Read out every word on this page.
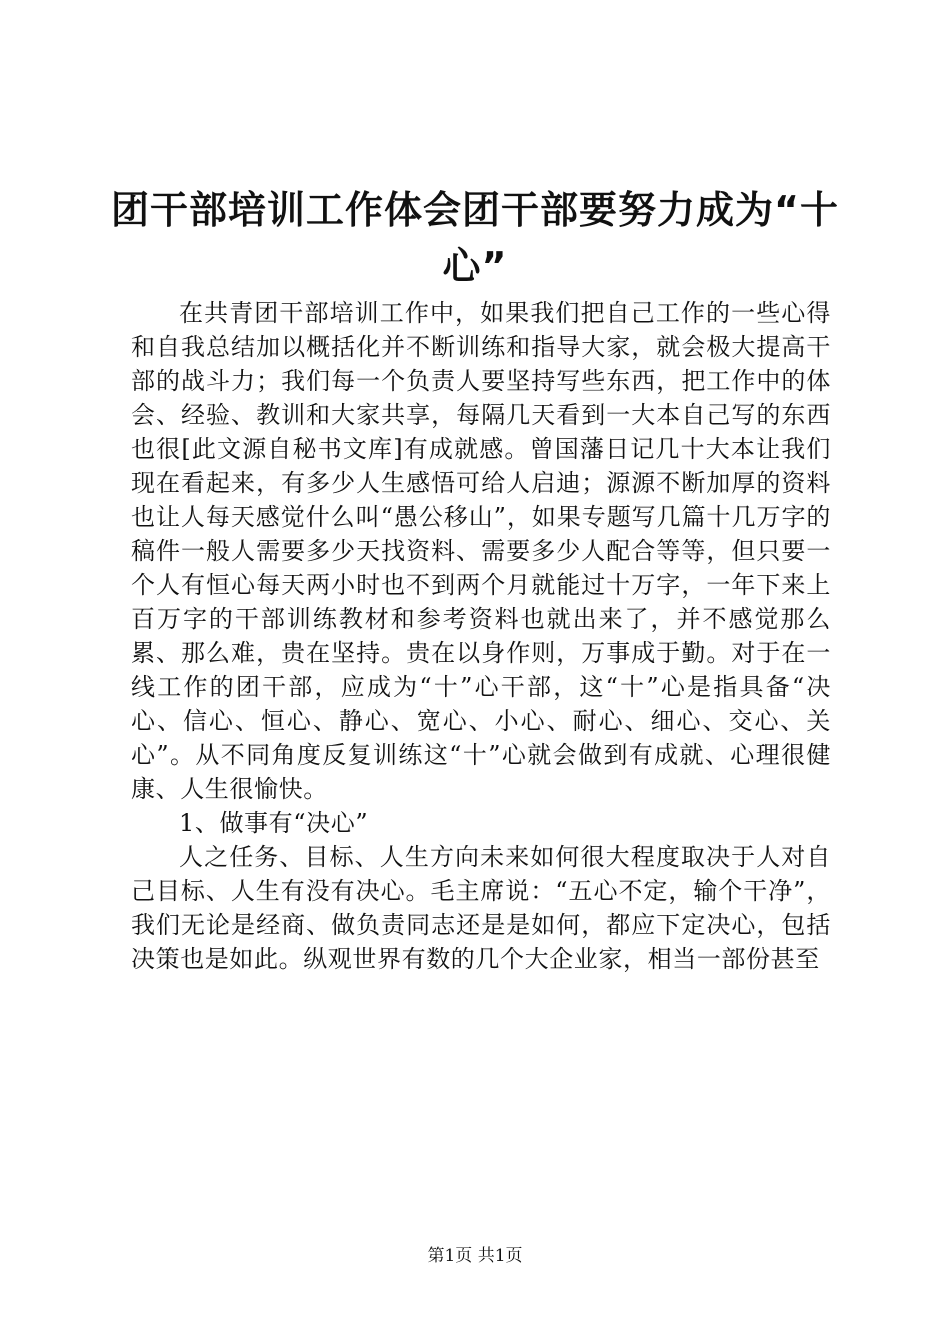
团干部培训工作体会团干部要努力成为“十心”

在共青团干部培训工作中，如果我们把自己工作的一些心得和自我总结加以概括化并不断训练和指导大家，就会极大提高干部的战斗力；我们每一个负责人要坚持写些东西，把工作中的体会、经验、教训和大家共享，每隔几天看到一大本自己写的东西也很[此文源自秘书文库]有成就感。曾国藩日记几十大本让我们现在看起来，有多少人生感悟可给人启迪；源源不断加厚的资料也让人每天感觉什么叫“愚公移山”，如果专题写几篇十几万字的稿件一般人需要多少天找资料、需要多少人配合等等，但只要一个人有恒心每天两小时也不到两个月就能过十万字，一年下来上百万字的干部训练教材和参考资料也就出来了，并不感觉那么累、那么难，贵在坚持。贵在以身作则，万事成于勤。对于在一线工作的团干部，应成为“十”心干部，这“十”心是指具备“决心、信心、恒心、静心、宽心、小心、耐心、细心、交心、关心”。从不同角度反复训练这“十”心就会做到有成就、心理很健康、人生很愉快。

1、做事有“决心”

人之任务、目标、人生方向未来如何很大程度取决于人对自己目标、人生有没有决心。毛主席说：“五心不定，输个干净”，我们无论是经商、做负责同志还是是如何，都应下定决心，包括决策也是如此。纵观世界有数的几个大企业家，相当一部份甚至

第1页 共1页
